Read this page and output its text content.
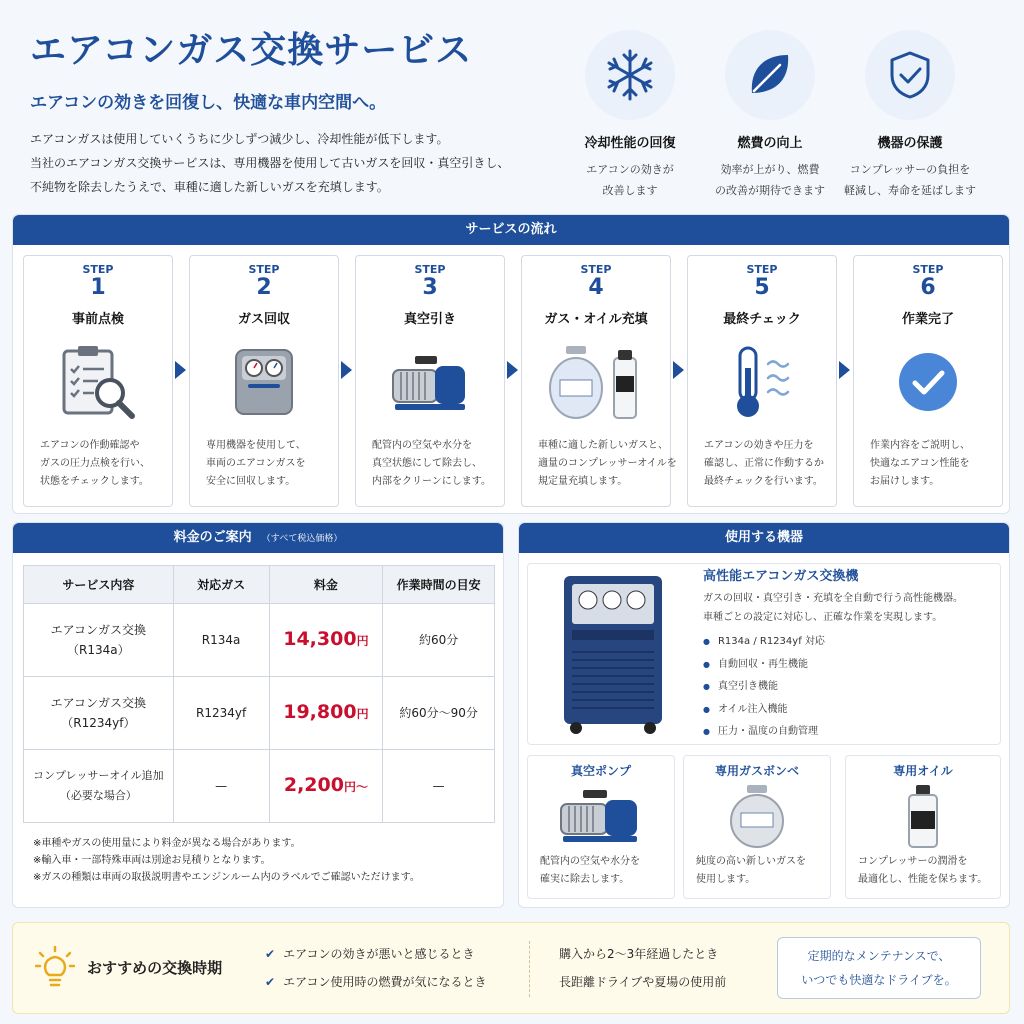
エアコンガス交換サービス
エアコンの効きを回復し、快適な車内空間へ。
エアコンガスは使用していくうちに少しずつ減少し、冷却性能が低下します。
当社のエアコンガス交換サービスは、専用機器を使用して古いガスを回収・真空引きし、
不純物を除去したうえで、車種に適した新しいガスを充填します。
冷却性能の回復
エアコンの効きが
改善します
燃費の向上
効率が上がり、燃費
の改善が期待できます
機器の保護
コンプレッサーの負担を
軽減し、寿命を延ばします
サービスの流れ
STEP
1
事前点検
エアコンの作動確認や
ガスの圧力点検を行い、
状態をチェックします。
STEP
2
ガス回収
専用機器を使用して、
車両のエアコンガスを
安全に回収します。
STEP
3
真空引き
配管内の空気や水分を
真空状態にして除去し、
内部をクリーンにします。
STEP
4
ガス・オイル充填
車種に適した新しいガスと、
適量のコンプレッサーオイルを
規定量充填します。
STEP
5
最終チェック
エアコンの効きや圧力を
確認し、正常に作動するか
最終チェックを行います。
STEP
6
作業完了
作業内容をご説明し、
快適なエアコン性能を
お届けします。
料金のご案内 （すべて税込価格）
サービス内容	対応ガス	料金	作業時間の目安

エアコンガス交換
（R134a）	R134a	14,300円	約60分

エアコンガス交換
（R1234yf）	R1234yf	19,800円	約60分〜90分

コンプレッサーオイル追加
（必要な場合）	—	2,200円〜	—
※車種やガスの使用量により料金が異なる場合があります。
※輸入車・一部特殊車両は別途お見積りとなります。
※ガスの種類は車両の取扱説明書やエンジンルーム内のラベルでご確認いただけます。
使用する機器
高性能エアコンガス交換機
ガスの回収・真空引き・充填を全自動で行う高性能機器。
車種ごとの設定に対応し、正確な作業を実現します。
● R134a / R1234yf 対応
● 自動回収・再生機能
● 真空引き機能
● オイル注入機能
● 圧力・温度の自動管理
真空ポンプ
配管内の空気や水分を
確実に除去します。
専用ガスボンベ
純度の高い新しいガスを
使用します。
専用オイル
コンプレッサーの潤滑を
最適化し、性能を保ちます。
おすすめの交換時期
✔ エアコンの効きが悪いと感じるとき
✔ エアコン使用時の燃費が気になるとき
購入から2〜3年経過したとき
長距離ドライブや夏場の使用前
定期的なメンテナンスで、
いつでも快適なドライブを。
